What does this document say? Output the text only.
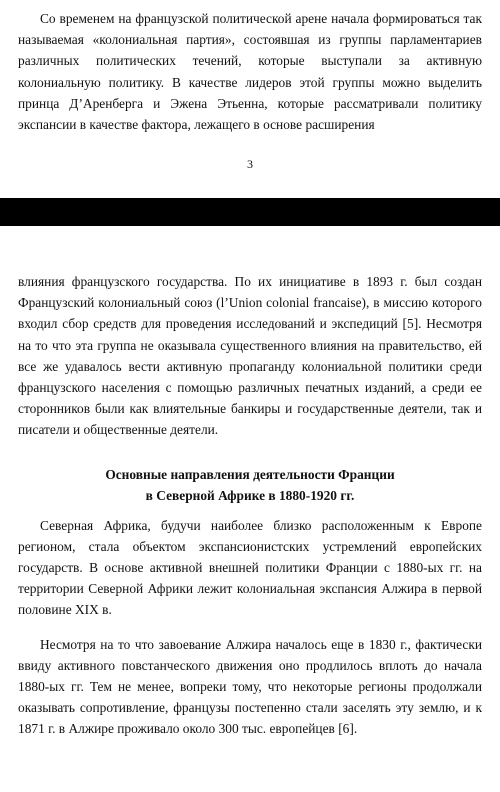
Со временем на французской политической арене начала формироваться так называемая «колониальная партия», состоявшая из группы парламентариев различных политических течений, которые выступали за активную колониальную политику. В качестве лидеров этой группы можно выделить принца Д’Аренберга и Эжена Этьенна, которые рассматривали политику экспансии в качестве фактора, лежащего в основе расширения

3

влияния французского государства. По их инициативе в 1893 г. был создан Французский колониальный союз (l’Union colonial francaise), в миссию которого входил сбор средств для проведения исследований и экспедиций [5]. Несмотря на то что эта группа не оказывала существенного влияния на правительство, ей все же удавалось вести активную пропаганду колониальной политики среди французского населения с помощью различных печатных изданий, а среди ее сторонников были как влиятельные банкиры и государственные деятели, так и писатели и общественные деятели.

Основные направления деятельности Франции
в Северной Африке в 1880-1920 гг.

Северная Африка, будучи наиболее близко расположенным к Европе регионом, стала объектом экспансионистских устремлений европейских государств. В основе активной внешней политики Франции с 1880-ых гг. на территории Северной Африки лежит колониальная экспансия Алжира в первой половине XIX в.

Несмотря на то что завоевание Алжира началось еще в 1830 г., фактически ввиду активного повстанческого движения оно продлилось вплоть до начала 1880-ых гг. Тем не менее, вопреки тому, что некоторые регионы продолжали оказывать сопротивление, французы постепенно стали заселять эту землю, и к 1871 г. в Алжире проживало около 300 тыс. европейцев [6].
